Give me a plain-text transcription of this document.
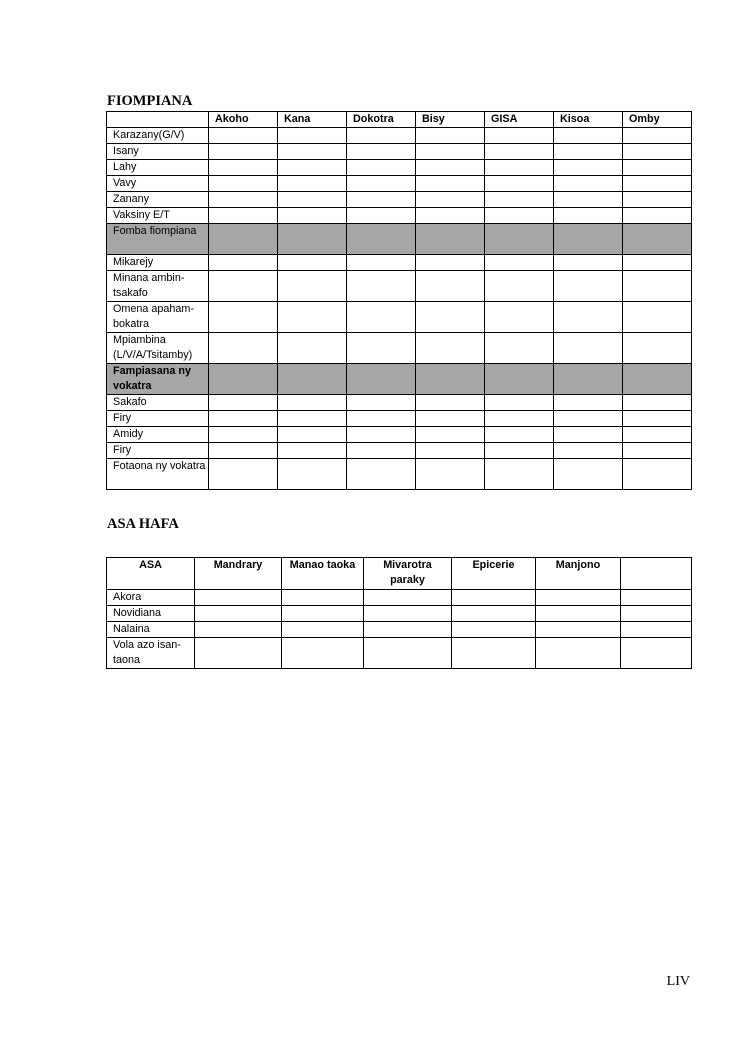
FIOMPIANA
	Akoho	Kana	Dokotra	Bisy	GISA	Kisoa	Omby
Karazany(G/V)							
Isany							
Lahy							
Vavy							
Zanany							
Vaksiny E/T							
Fomba fiompiana							
Mikarejy							
Minana ambin-tsakafo							
Omena apaham-bokatra							
Mpiambina (L/V/A/Tsitamby)							
Fampiasana ny vokatra							
Sakafo							
Firy							
Amidy							
Firy							
Fotaona ny vokatra							
ASA HAFA
ASA	Mandrary	Manao taoka	Mivarotra paraky	Epicerie	Manjono	
Akora						
Novidiana						
Nalaina						
Vola azo isan-taona						
LIV
